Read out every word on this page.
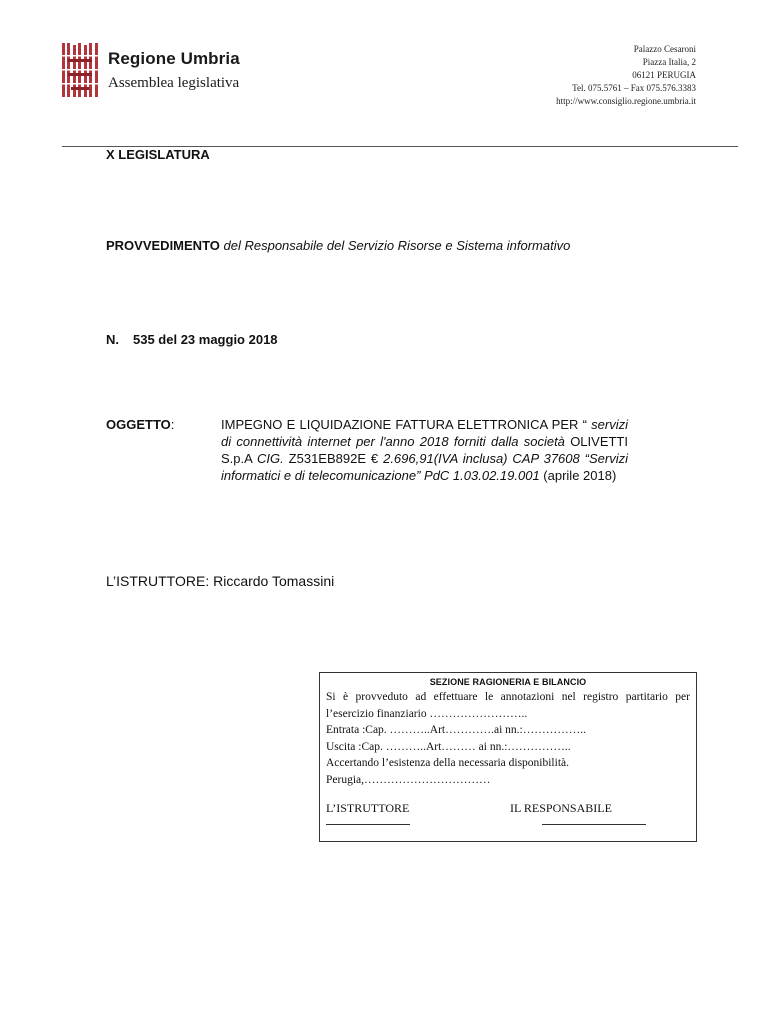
Regione Umbria
Assemblea legislativa
Palazzo Cesaroni
Piazza Italia, 2
06121 PERUGIA
Tel. 075.5761 – Fax 075.576.3383
http://www.consiglio.regione.umbria.it
X LEGISLATURA
PROVVEDIMENTO del Responsabile del Servizio Risorse e Sistema informativo
N. 535 del 23 maggio 2018
OGGETTO:	IMPEGNO E LIQUIDAZIONE FATTURA ELETTRONICA PER “ servizi di connettività internet per l'anno 2018 forniti dalla società OLIVETTI S.p.A CIG. Z531EB892E € 2.696,91(IVA inclusa) CAP 37608 “Servizi informatici e di telecomunicazione” PdC 1.03.02.19.001 (aprile 2018)
L’ISTRUTTORE: Riccardo Tomassini
SEZIONE RAGIONERIA E BILANCIO
Si è provveduto ad effettuare le annotazioni nel registro partitario per l’esercizio finanziario ……………………..
Entrata :Cap. ………..Art………….ai nn.:……………..
Uscita :Cap. ………..Art……… ai nn.:……………..
Accertando l’esistenza della necessaria disponibilità.
Perugia,……………………………
L’ISTRUTTORE	IL RESPONSABILE
